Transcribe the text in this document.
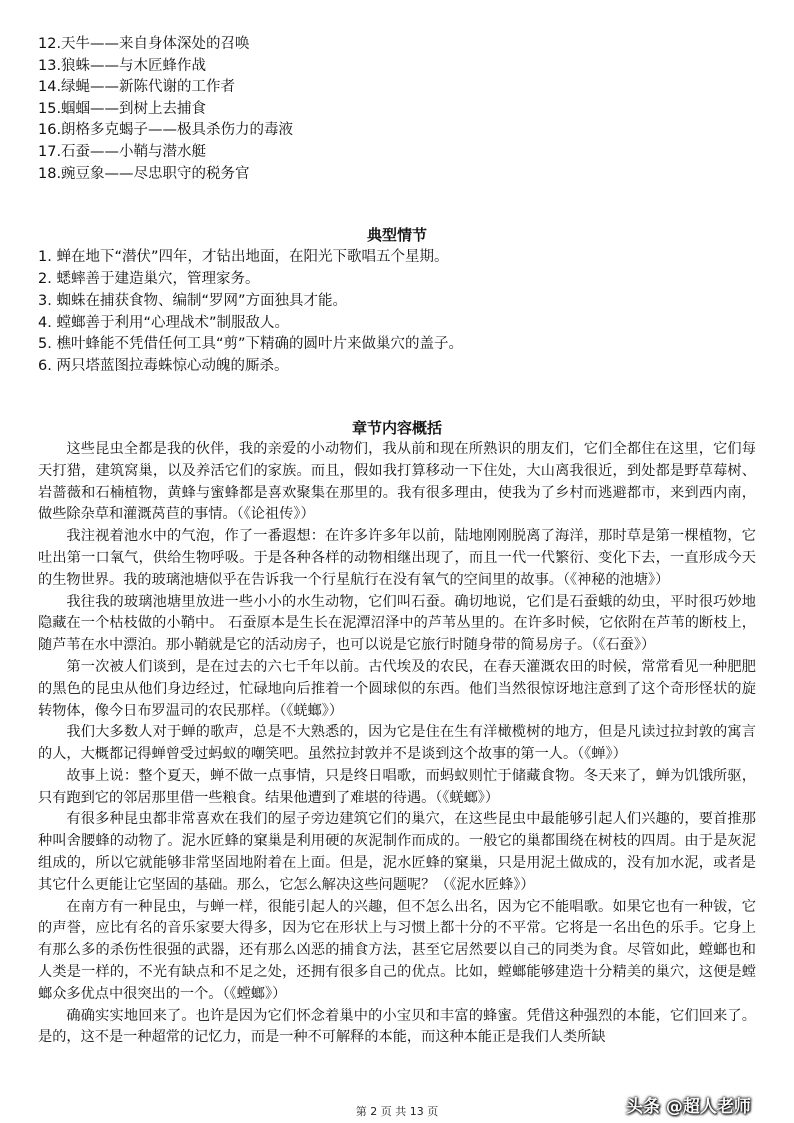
12.天牛——来自身体深处的召唤

13.狼蛛——与木匠蜂作战

14.绿蝇——新陈代谢的工作者

15.蝈蝈——到树上去捕食

16.朗格多克蝎子——极具杀伤力的毒液

17.石蚕——小鞘与潜水艇

18.豌豆象——尽忠职守的税务官

典型情节

1. 蝉在地下“潜伏”四年，才钻出地面，在阳光下歌唱五个星期。

2. 蟋蟀善于建造巢穴，管理家务。

3. 蜘蛛在捕获食物、编制“罗网”方面独具才能。

4. 螳螂善于利用“心理战术”制服敌人。

5. 樵叶蜂能不凭借任何工具“剪”下精确的圆叶片来做巢穴的盖子。

6. 两只塔蓝图拉毒蛛惊心动魄的厮杀。

章节内容概括

这些昆虫全都是我的伙伴，我的亲爱的小动物们，我从前和现在所熟识的朋友们，它们全都住在这里，它们每天打猎，建筑窝巢，以及养活它们的家族。而且，假如我打算移动一下住处，大山离我很近，到处都是野草莓树、岩蔷薇和石楠植物，黄蜂与蜜蜂都是喜欢聚集在那里的。我有很多理由，使我为了乡村而逃避都市，来到西内南，做些除杂草和灌溉莴苣的事情。（《论祖传》）

我注视着池水中的气泡，作了一番遐想：在许多许多年以前，陆地刚刚脱离了海洋，那时草是第一棵植物，它吐出第一口氧气，供给生物呼吸。于是各种各样的动物相继出现了，而且一代一代繁衍、变化下去，一直形成今天的生物世界。我的玻璃池塘似乎在告诉我一个行星航行在没有氧气的空间里的故事。（《神秘的池塘》）

我往我的玻璃池塘里放进一些小小的水生动物，它们叫石蚕。确切地说，它们是石蚕蛾的幼虫，平时很巧妙地隐藏在一个枯枝做的小鞘中。 石蚕原本是生长在泥潭沼泽中的芦苇丛里的。在许多时候，它依附在芦苇的断枝上，随芦苇在水中漂泊。那小鞘就是它的活动房子，也可以说是它旅行时随身带的简易房子。（《石蚕》）

第一次被人们谈到，是在过去的六七千年以前。古代埃及的农民，在春天灌溉农田的时候，常常看见一种肥肥的黑色的昆虫从他们身边经过，忙碌地向后推着一个圆球似的东西。他们当然很惊讶地注意到了这个奇形怪状的旋转物体，像今日布罗温司的农民那样。（《蜣螂》）

我们大多数人对于蝉的歌声，总是不大熟悉的，因为它是住在生有洋橄榄树的地方，但是凡读过拉封敦的寓言的人，大概都记得蝉曾受过蚂蚁的嘲笑吧。虽然拉封敦并不是谈到这个故事的第一人。（《蝉》）

故事上说：整个夏天，蝉不做一点事情，只是终日唱歌，而蚂蚁则忙于储藏食物。冬天来了，蝉为饥饿所驱，只有跑到它的邻居那里借一些粮食。结果他遭到了难堪的待遇。（《蜣螂》）

有很多种昆虫都非常喜欢在我们的屋子旁边建筑它们的巢穴，在这些昆虫中最能够引起人们兴趣的，要首推那种叫舍腰蜂的动物了。泥水匠蜂的窠巢是利用硬的灰泥制作而成的。一般它的巢都围绕在树枝的四周。由于是灰泥组成的，所以它就能够非常坚固地附着在上面。但是，泥水匠蜂的窠巢，只是用泥土做成的，没有加水泥，或者是其它什么更能让它坚固的基础。那么，它怎么解决这些问题呢？（《泥水匠蜂》）

在南方有一种昆虫，与蝉一样，很能引起人的兴趣，但不怎么出名，因为它不能唱歌。如果它也有一种钹，它的声誉，应比有名的音乐家要大得多，因为它在形状上与习惯上都十分的不平常。它将是一名出色的乐手。它身上有那么多的杀伤性很强的武器，还有那么凶恶的捕食方法，甚至它居然要以自己的同类为食。尽管如此，螳螂也和人类是一样的，不光有缺点和不足之处，还拥有很多自己的优点。比如，螳螂能够建造十分精美的巢穴，这便是螳螂众多优点中很突出的一个。（《螳螂》）

确确实实地回来了。也许是因为它们怀念着巢中的小宝贝和丰富的蜂蜜。凭借这种强烈的本能，它们回来了。是的，这不是一种超常的记忆力，而是一种不可解释的本能，而这种本能正是我们人类所缺

第 2 页 共 13 页	头条 @超人老师
